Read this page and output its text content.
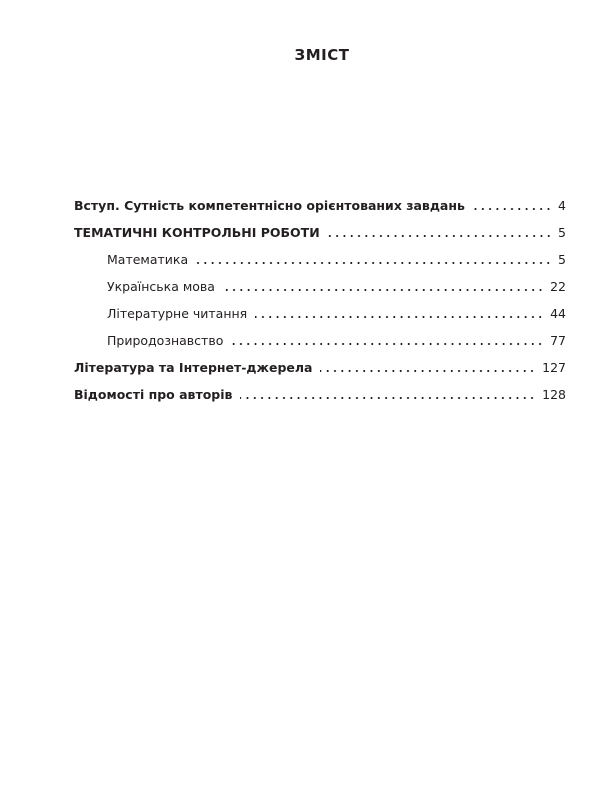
ЗМІСТ
Вступ. Сутність компетентнісно орієнтованих завдань	4
ТЕМАТИЧНІ КОНТРОЛЬНІ РОБОТИ	5
Математика	5
Українська мова	22
Літературне читання	44
Природознавство	77
Література та Інтернет-джерела	127
Відомості про авторів	128
